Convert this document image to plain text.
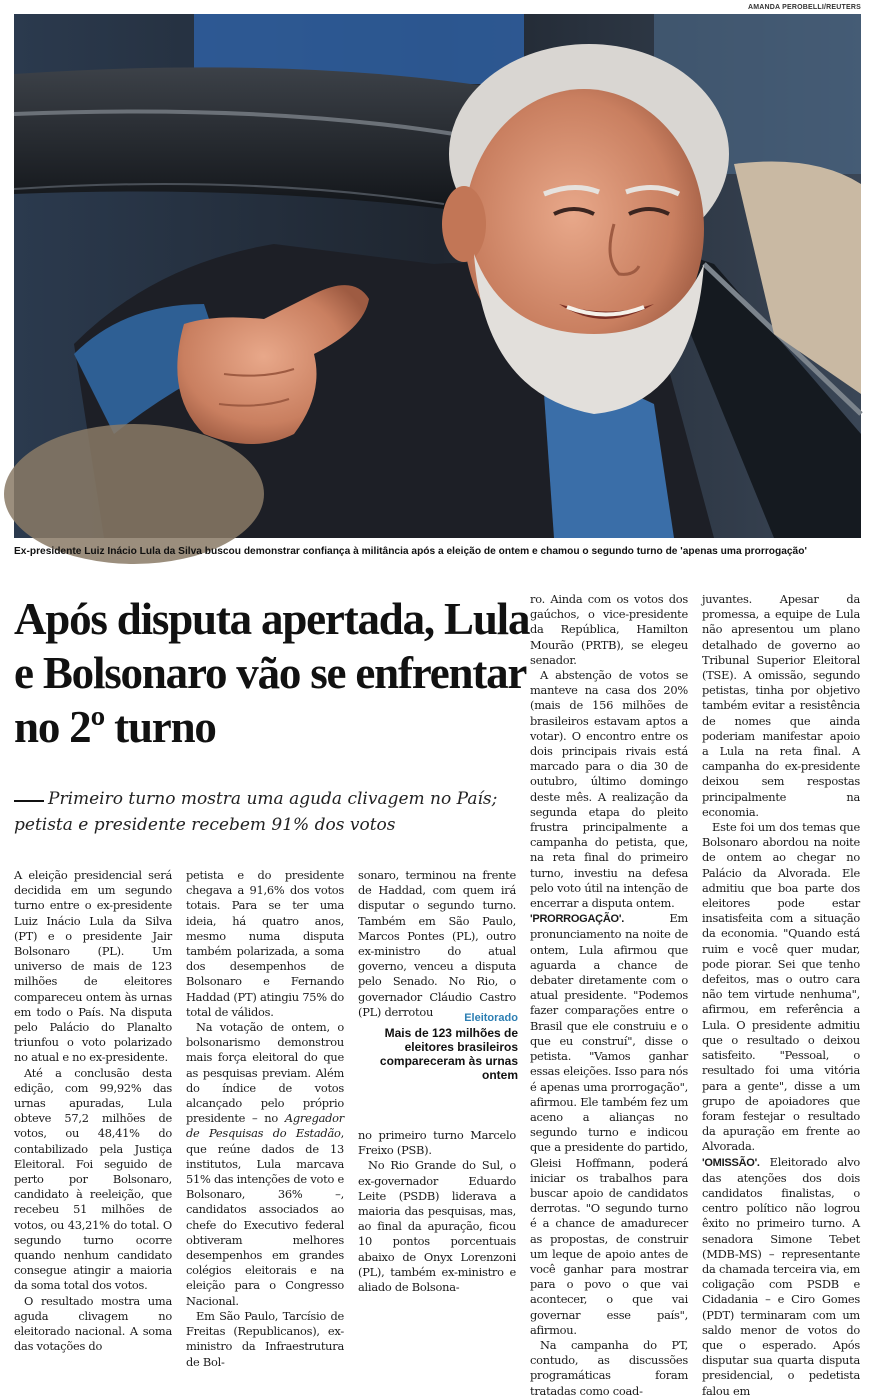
AMANDA PEROBELLI/REUTERS
Ex-presidente Luiz Inácio Lula da Silva buscou demonstrar confiança à militância após a eleição de ontem e chamou o segundo turno de 'apenas uma prorrogação'
Após disputa apertada, Lula e Bolsonaro vão se enfrentar no 2º turno

Primeiro turno mostra uma aguda clivagem no País; petista e presidente recebem 91% dos votos

A eleição presidencial será decidida em um segundo turno entre o ex-presidente Luiz Inácio Lula da Silva (PT) e o presidente Jair Bolsonaro (PL). Um universo de mais de 123 milhões de eleitores compareceu ontem às urnas em todo o País. Na disputa pelo Palácio do Planalto triunfou o voto polarizado no atual e no ex-presidente.

Até a conclusão desta edição, com 99,92% das urnas apuradas, Lula obteve 57,2 milhões de votos, ou 48,41% do contabilizado pela Justiça Eleitoral. Foi seguido de perto por Bolsonaro, candidato à reeleição, que recebeu 51 milhões de votos, ou 43,21% do total. O segundo turno ocorre quando nenhum candidato consegue atingir a maioria da soma total dos votos.

O resultado mostra uma aguda clivagem no eleitorado nacional. A soma das votações do

petista e do presidente chegava a 91,6% dos votos totais. Para se ter uma ideia, há quatro anos, mesmo numa disputa também polarizada, a soma dos desempenhos de Bolsonaro e Fernando Haddad (PT) atingiu 75% do total de válidos.

Na votação de ontem, o bolsonarismo demonstrou mais força eleitoral do que as pesquisas previam. Além do índice de votos alcançado pelo próprio presidente – no Agregador de Pesquisas do Estadão, que reúne dados de 13 institutos, Lula marcava 51% das intenções de voto e Bolsonaro, 36% –, candidatos associados ao chefe do Executivo federal obtiveram melhores desempenhos em grandes colégios eleitorais e na eleição para o Congresso Nacional.

Em São Paulo, Tarcísio de Freitas (Republicanos), ex-ministro da Infraestrutura de Bol-

sonaro, terminou na frente de Haddad, com quem irá disputar o segundo turno. Também em São Paulo, Marcos Pontes (PL), outro ex-ministro do atual governo, venceu a disputa pelo Senado. No Rio, o governador Cláudio Castro (PL) derrotou	Eleitorado
Mais de 123 milhões de eleitores brasileiros compareceram às urnas ontem

no primeiro turno Marcelo Freixo (PSB).

No Rio Grande do Sul, o ex-governador Eduardo Leite (PSDB) liderava a maioria das pesquisas, mas, ao final da apuração, ficou 10 pontos porcentuais abaixo de Onyx Lorenzoni (PL), também ex-ministro e aliado de Bolsona-

ro. Ainda com os votos dos gaúchos, o vice-presidente da República, Hamilton Mourão (PRTB), se elegeu senador.

A abstenção de votos se manteve na casa dos 20% (mais de 156 milhões de brasileiros estavam aptos a votar). O encontro entre os dois principais rivais está marcado para o dia 30 de outubro, último domingo deste mês. A realização da segunda etapa do pleito frustra principalmente a campanha do petista, que, na reta final do primeiro turno, investiu na defesa pelo voto útil na intenção de encerrar a disputa ontem.

'PRORROGAÇÃO'. Em pronunciamento na noite de ontem, Lula afirmou que aguarda a chance de debater diretamente com o atual presidente. "Podemos fazer comparações entre o Brasil que ele construiu e o que eu construí", disse o petista. "Vamos ganhar essas eleições. Isso para nós é apenas uma prorrogação", afirmou. Ele também fez um aceno a alianças no segundo turno e indicou que a presidente do partido, Gleisi Hoffmann, poderá iniciar os trabalhos para buscar apoio de candidatos derrotas. "O segundo turno é a chance de amadurecer as propostas, de construir um leque de apoio antes de você ganhar para mostrar para o povo o que vai acontecer, o que vai governar esse país", afirmou.

Na campanha do PT, contudo, as discussões programáticas foram tratadas como coad-

juvantes. Apesar da promessa, a equipe de Lula não apresentou um plano detalhado de governo ao Tribunal Superior Eleitoral (TSE). A omissão, segundo petistas, tinha por objetivo também evitar a resistência de nomes que ainda poderiam manifestar apoio a Lula na reta final. A campanha do ex-presidente deixou sem respostas principalmente na economia.

Este foi um dos temas que Bolsonaro abordou na noite de ontem ao chegar no Palácio da Alvorada. Ele admitiu que boa parte dos eleitores pode estar insatisfeita com a situação da economia. "Quando está ruim e você quer mudar, pode piorar. Sei que tenho defeitos, mas o outro cara não tem virtude nenhuma", afirmou, em referência a Lula. O presidente admitiu que o resultado o deixou satisfeito. "Pessoal, o resultado foi uma vitória para a gente", disse a um grupo de apoiadores que foram festejar o resultado da apuração em frente ao Alvorada.

'OMISSÃO'. Eleitorado alvo das atenções dos dois candidatos finalistas, o centro político não logrou êxito no primeiro turno. A senadora Simone Tebet (MDB-MS) – representante da chamada terceira via, em coligação com PSDB e Cidadania – e Ciro Gomes (PDT) terminaram com um saldo menor de votos do que o esperado. Após disputar sua quarta disputa presidencial, o pedetista falou em
